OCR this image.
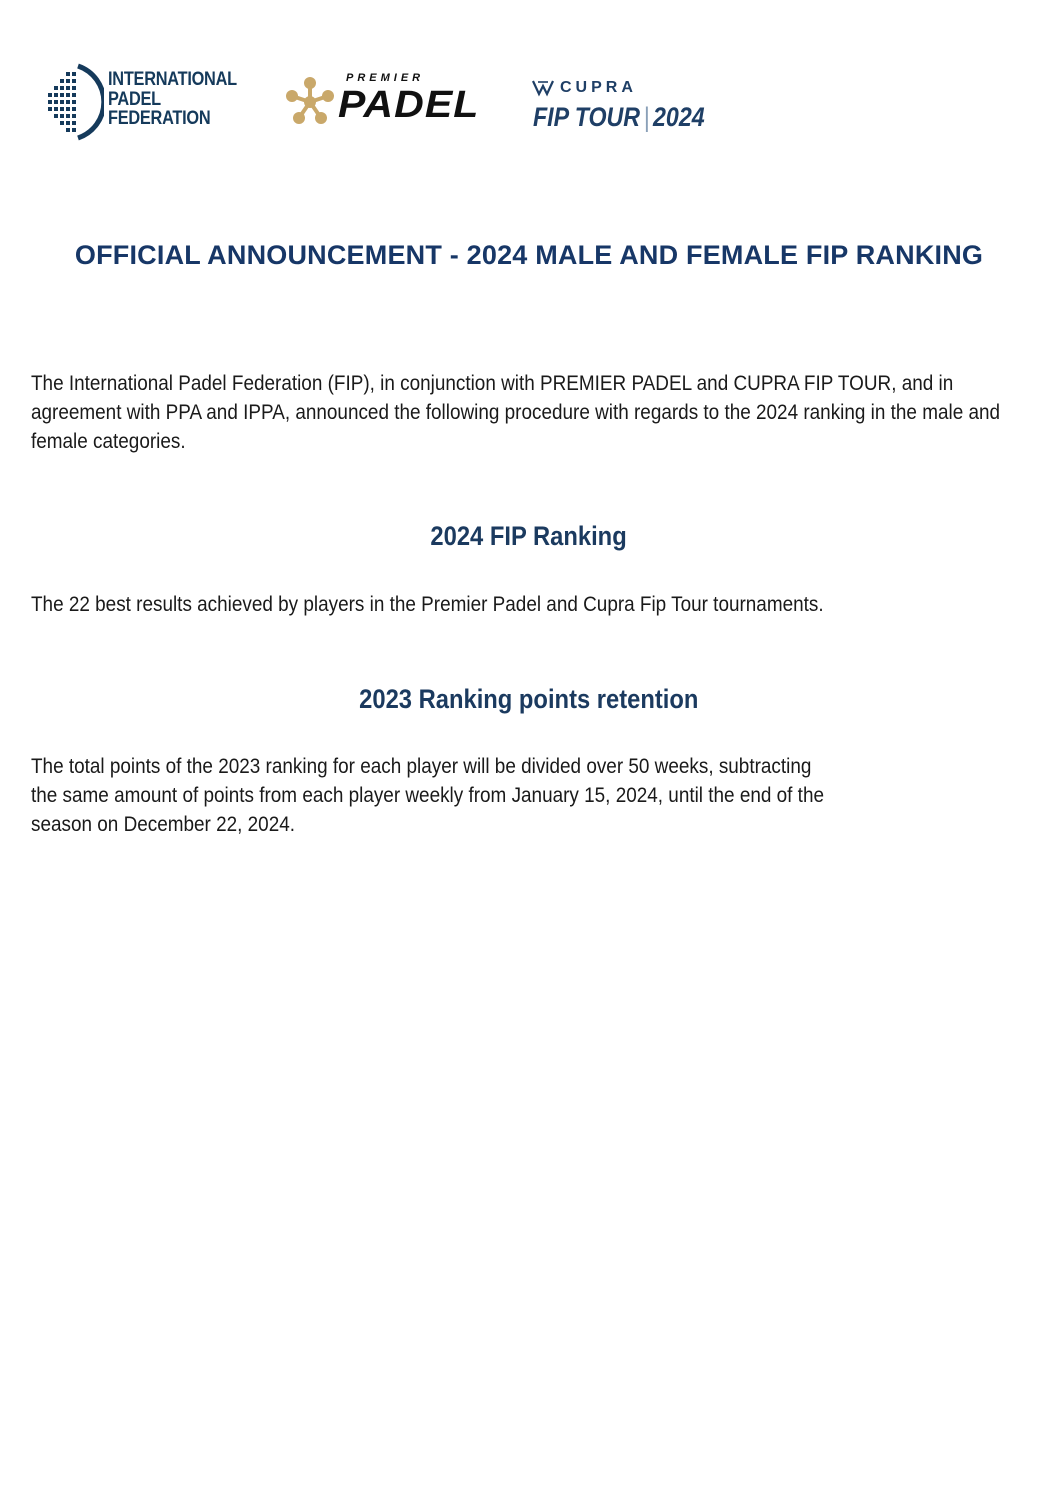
INTERNATIONAL
PADEL
FEDERATION
PREMIER
PADEL	CUPRA
FIP TOUR | 2024
OFFICIAL ANNOUNCEMENT - 2024 MALE AND FEMALE FIP RANKING

The International Padel Federation (FIP), in conjunction with PREMIER PADEL and CUPRA FIP TOUR, and in agreement with PPA and IPPA, announced the following procedure with regards to the 2024 ranking in the male and female categories.

2024 FIP Ranking

The 22 best results achieved by players in the Premier Padel and Cupra Fip Tour tournaments.

2023 Ranking points retention

The total points of the 2023 ranking for each player will be divided over 50 weeks, subtracting
the same amount of points from each player weekly from January 15, 2024, until the end of the
season on December 22, 2024.
